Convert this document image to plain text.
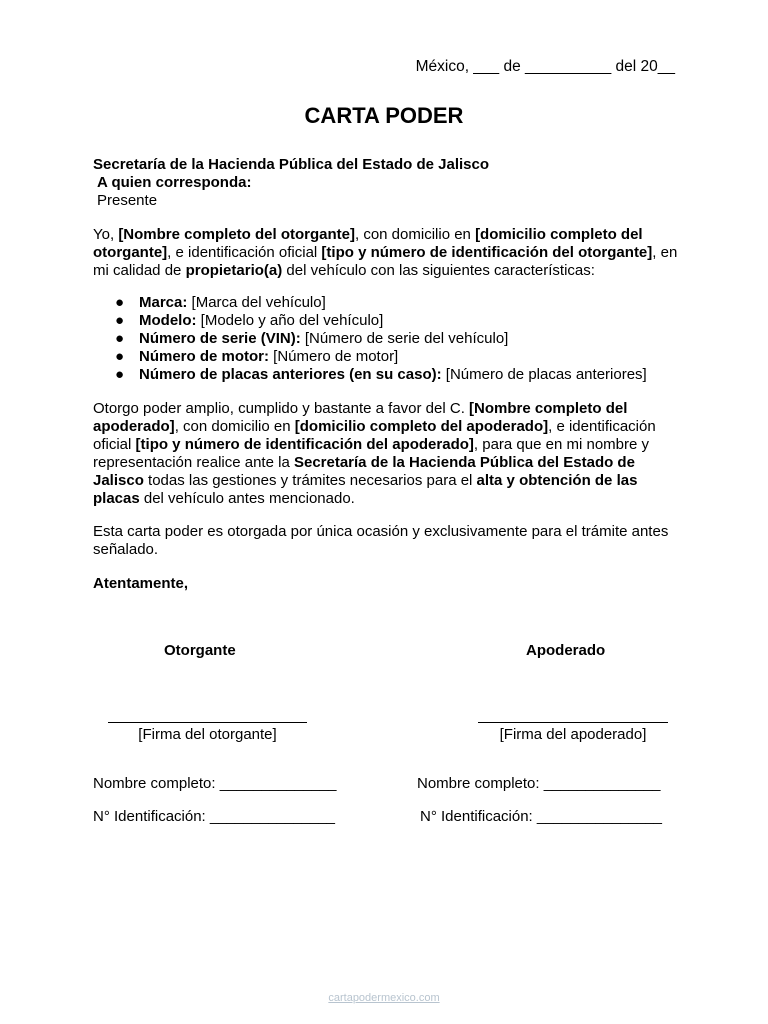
México, ___ de __________ del 20__
CARTA PODER
Secretaría de la Hacienda Pública del Estado de Jalisco
A quien corresponda:
Presente
Yo, [Nombre completo del otorgante], con domicilio en [domicilio completo del otorgante], e identificación oficial [tipo y número de identificación del otorgante], en mi calidad de propietario(a) del vehículo con las siguientes características:
● Marca: [Marca del vehículo]
● Modelo: [Modelo y año del vehículo]
● Número de serie (VIN): [Número de serie del vehículo]
● Número de motor: [Número de motor]
● Número de placas anteriores (en su caso): [Número de placas anteriores]
Otorgo poder amplio, cumplido y bastante a favor del C. [Nombre completo del apoderado], con domicilio en [domicilio completo del apoderado], e identificación oficial [tipo y número de identificación del apoderado], para que en mi nombre y representación realice ante la Secretaría de la Hacienda Pública del Estado de Jalisco todas las gestiones y trámites necesarios para el alta y obtención de las placas del vehículo antes mencionado.
Esta carta poder es otorgada por única ocasión y exclusivamente para el trámite antes señalado.
Atentamente,
Otorgante	Apoderado
[Firma del otorgante]	[Firma del apoderado]
Nombre completo: ______________	Nombre completo: ______________
N° Identificación: _______________	N° Identificación: _______________
cartapodermexico.com
